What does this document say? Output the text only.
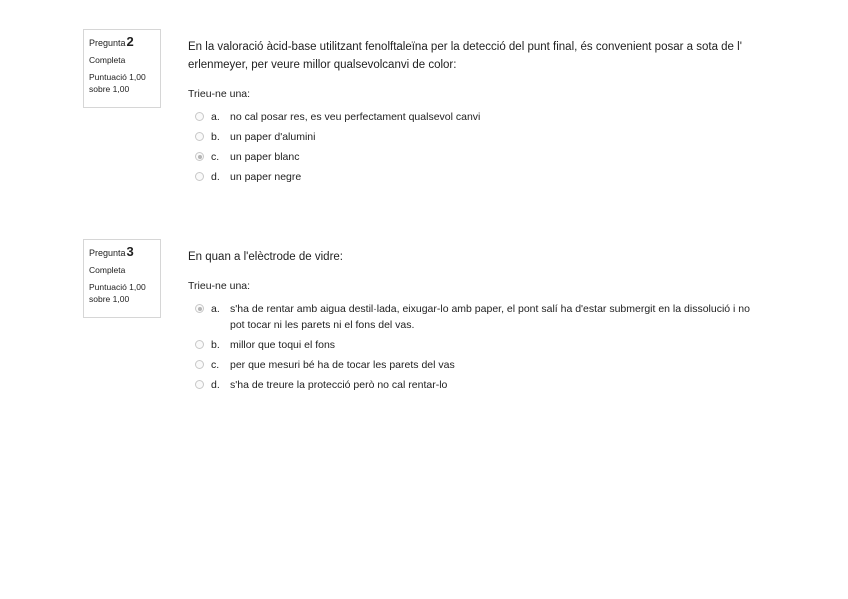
Pregunta2
Completa
Puntuació 1,00 sobre 1,00
En la valoració àcid-base utilitzant fenolftaleïna per la detecció del punt final, és convenient posar a sota de l' erlenmeyer, per veure millor qualsevolcanvi de color:
Trieu-ne una:
a. no cal posar res, es veu perfectament qualsevol canvi
b. un paper d'alumini
c. un paper blanc
d. un paper negre
Pregunta3
Completa
Puntuació 1,00 sobre 1,00
En quan a l'elèctrode de vidre:
Trieu-ne una:
a. s'ha de rentar amb aigua destil·lada, eixugar-lo amb paper, el pont salí ha d'estar submergit en la dissolució i no pot tocar ni les parets ni el fons del vas.
b. millor que toqui el fons
c. per que mesuri bé ha de tocar les parets del vas
d. s'ha de treure la protecció però no cal rentar-lo
